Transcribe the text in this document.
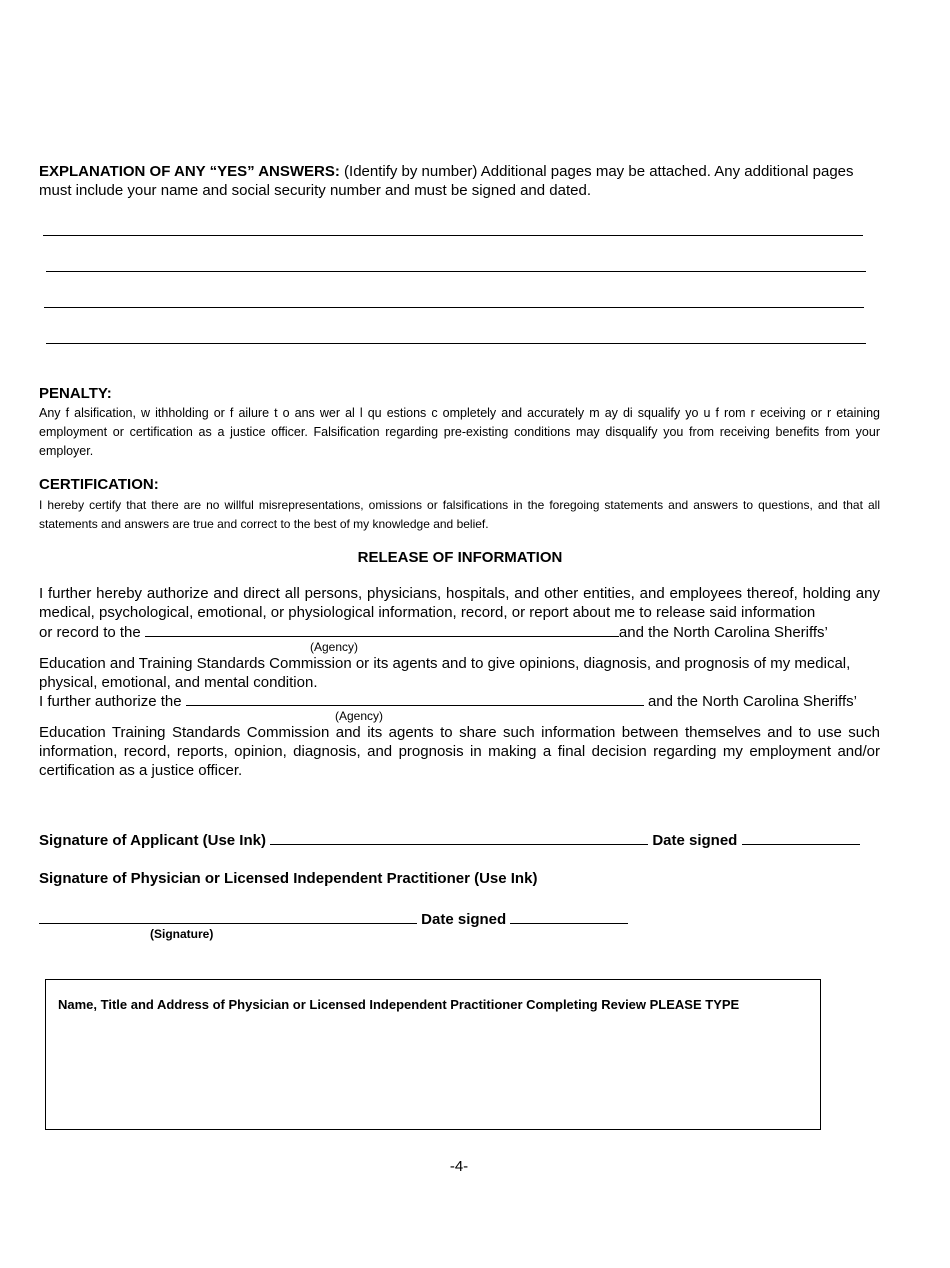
EXPLANATION OF ANY “YES” ANSWERS: (Identify by number) Additional pages may be attached. Any additional pages must include your name and social security number and must be signed and dated.
PENALTY:
Any f alsification, w ithholding or f ailure t o ans wer al l qu estions c ompletely and accurately m ay di squalify yo u f rom r eceiving or r etaining employment or certification as a justice officer. Falsification regarding pre-existing conditions may disqualify you from receiving benefits from your employer.
CERTIFICATION:
I hereby certify that there are no willful misrepresentations, omissions or falsifications in the foregoing statements and answers to questions, and that all statements and answers are true and correct to the best of my knowledge and belief.
RELEASE OF INFORMATION
I further hereby authorize and direct all persons, physicians, hospitals, and other entities, and employees thereof, holding any medical, psychological, emotional, or physiological information, record, or report about me to release said information
or record to the	and the North Carolina Sheriffs’
(Agency)
Education and Training Standards Commission or its agents and to give opinions, diagnosis, and prognosis of my medical, physical, emotional, and mental condition.
I further authorize the	and the North Carolina Sheriffs’
(Agency)
Education Training Standards Commission and its agents to share such information between themselves and to use such information, record, reports, opinion, diagnosis, and prognosis in making a final decision regarding my employment and/or certification as a justice officer.
Signature of Applicant (Use Ink)	Date signed
Signature of Physician or Licensed Independent Practitioner (Use Ink)
Date signed
(Signature)
Name, Title and Address of Physician or Licensed Independent Practitioner Completing Review PLEASE TYPE
-4-
